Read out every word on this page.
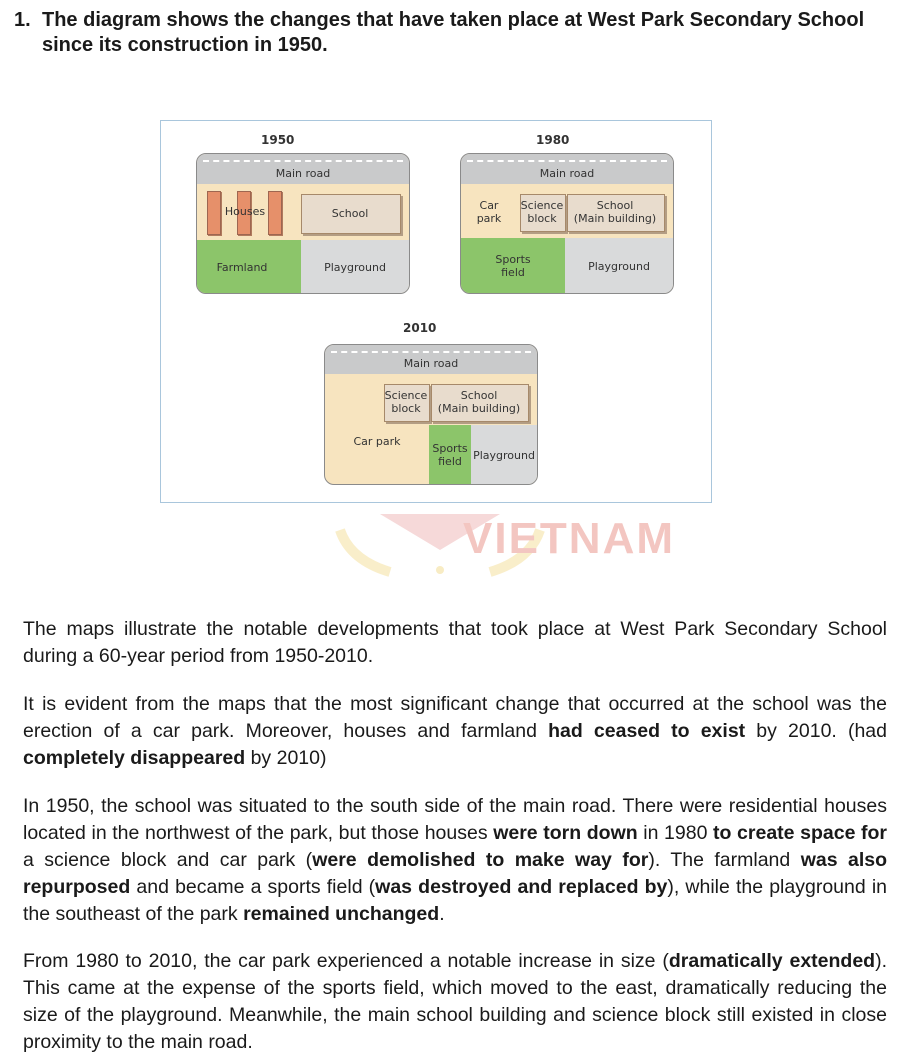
1. The diagram shows the changes that have taken place at West Park Secondary School since its construction in 1950.
1950
Main road
Houses	School
Farmland	Playground
1980
Main road
Car
park
Science
block
School
(Main building)
Sports
field	Playground
2010
Main road
Science
block
School
(Main building)
Car park
Sports
field Playground
VIETNAM
The maps illustrate the notable developments that took place at West Park Secondary School during a 60-year period from 1950-2010.
It is evident from the maps that the most significant change that occurred at the school was the erection of a car park. Moreover, houses and farmland had ceased to exist by 2010. (had completely disappeared by 2010)
In 1950, the school was situated to the south side of the main road. There were residential houses located in the northwest of the park, but those houses were torn down in 1980 to create space for a science block and car park (were demolished to make way for). The farmland was also repurposed and became a sports field (was destroyed and replaced by), while the playground in the southeast of the park remained unchanged.
From 1980 to 2010, the car park experienced a notable increase in size (dramatically extended). This came at the expense of the sports field, which moved to the east, dramatically reducing the size of the playground. Meanwhile, the main school building and science block still existed in close proximity to the main road.
